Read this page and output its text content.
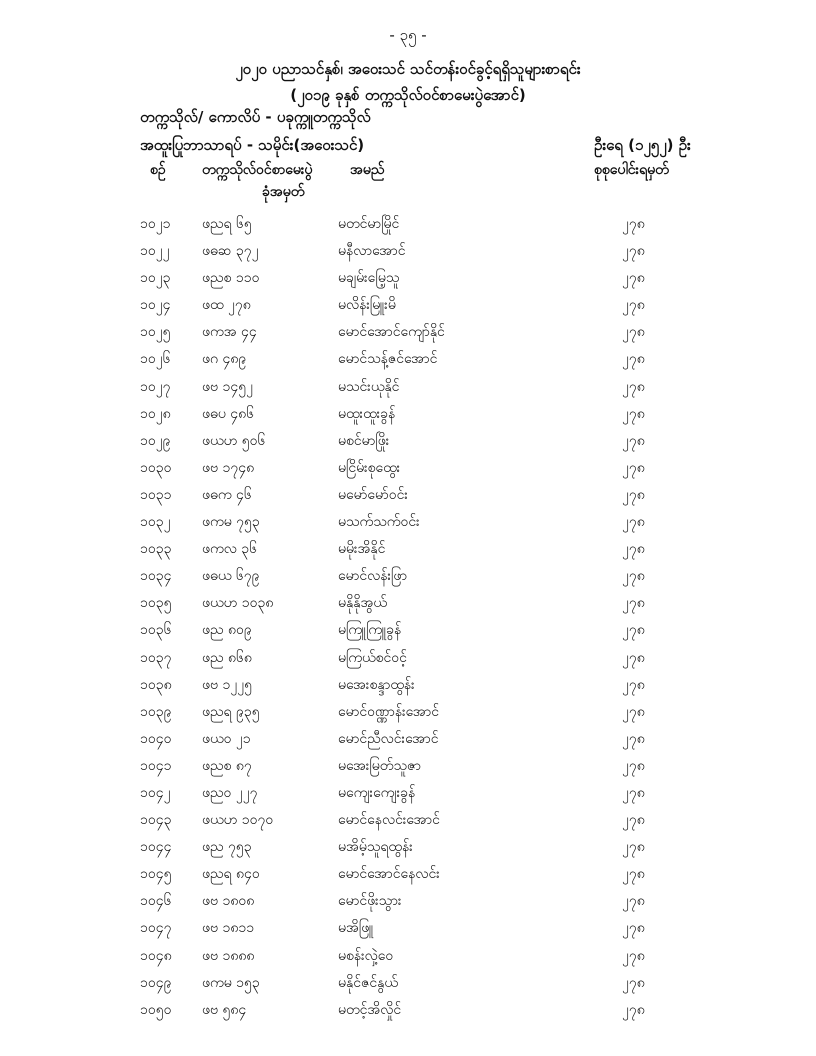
- ၃၅ -
၂၀၂၀ ပညာသင်နှစ်၊ အဝေးသင် သင်တန်းဝင်ခွင့်ရရှိသူများစာရင်း
(၂၀၁၉ ခုနှစ် တက္ကသိုလ်ဝင်စာမေးပွဲအောင်)
တက္ကသိုလ်/ ကောလိပ် - ပခုက္ကူတက္ကသိုလ်
အထူးပြုဘာသာရပ် - သမိုင်း(အဝေးသင်)	ဦးရေ (၁၂၅၂) ဦး
စဉ်	တက္ကသိုလ်ဝင်စာမေးပွဲ
ခုံအမှတ်
အမည်	စုစုပေါင်းရမှတ်
၁၀၂၁ ဖညရ ၆၅	မတင်မာမြိုင်	၂၇၈
၁၀၂၂ ဖဓဆ ၃၇၂	မနီလာအောင်	၂၇၈
၁၀၂၃ ဖညစ ၁၁၀	မချမ်းမြေ့သူ	၂၇၈
၁၀၂၄ ဖထ ၂၇၈	မလိန်းမြူးမိ	၂၇၈
၁၀၂၅ ဖကအ ၄၄	မောင်အောင်ကျော်နိုင်	၂၇၈
၁၀၂၆ ဖဂ ၄၈၉	မောင်သန့်ဇင်အောင်	၂၇၈
၁၀၂၇ ဖဗ ၁၄၅၂	မသင်းယုနိုင်	၂၇၈
၁၀၂၈ ဖဓပ ၄၈၆	မထူးထူးခွန်	၂၇၈
၁၀၂၉ ဖယဟ ၅၀၆	မစင်မာဖြိုး	၂၇၈
၁၀၃၀ ဖဗ ၁၇၄၈	မငြိမ်းစုထွေး	၂၇၈
၁၀၃၁ ဖဓက ၄၆	မမော်မော်ဝင်း	၂၇၈
၁၀၃၂ ဖကမ ၇၅၃	မသက်သက်ဝင်း	၂၇၈
၁၀၃၃ ဖကလ ၃၆	မမိုးအိနိုင်	၂၇၈
၁၀၃၄ ဖဓယ ၆၇၉	မောင်လန်းဖြာ	၂၇၈
၁၀၃၅ ဖယဟ ၁၀၃၈	မနိုနိုအွယ်	၂၇၈
၁၀၃၆ ဖည ၈၀၉	မကြူကြူခွန်	၂၇၈
၁၀၃၇ ဖည ၈၆၈	မကြယ်စင်ဝင့်	၂၇၈
၁၀၃၈ ဖဗ ၁၂၂၅	မအေးစန္ဒာထွန်း	၂၇၈
၁၀၃၉ ဖညရ ၉၃၅	မောင်ဝဏ္ဏာန်းအောင်	၂၇၈
၁၀၄၀ ဖယဝ ၂၁	မောင်ညီလင်းအောင်	၂၇၈
၁၀၄၁ ဖညစ ၈၇	မအေးမြတ်သူဇာ	၂၇၈
၁၀၄၂ ဖညဝ ၂၂၇	မကျေးကျေးခွန်	၂၇၈
၁၀၄၃ ဖယဟ ၁၀၇၀	မောင်နေလင်းအောင်	၂၇၈
၁၀၄၄ ဖည ၇၅၃	မအိမ့်သူရထွန်း	၂၇၈
၁၀၄၅ ဖညရ ၈၄၀	မောင်အောင်နေလင်း	၂၇၈
၁၀၄၆ ဖဗ ၁၈၀၈	မောင်ဖိုးသွား	၂၇၈
၁၀၄၇ ဖဗ ၁၈၁၁	မအိဖြူ	၂၇၈
၁၀၄၈ ဖဗ ၁၈၈၈	မစန်းလှဲ့ဝေ	၂၇၈
၁၀၄၉ ဖကမ ၁၅၃	မနိုင်ဇင်နွယ်	၂၇၈
၁၀၅၀ ဖဗ ၅၈၄	မတင့်အိလှိုင်	၂၇၈
